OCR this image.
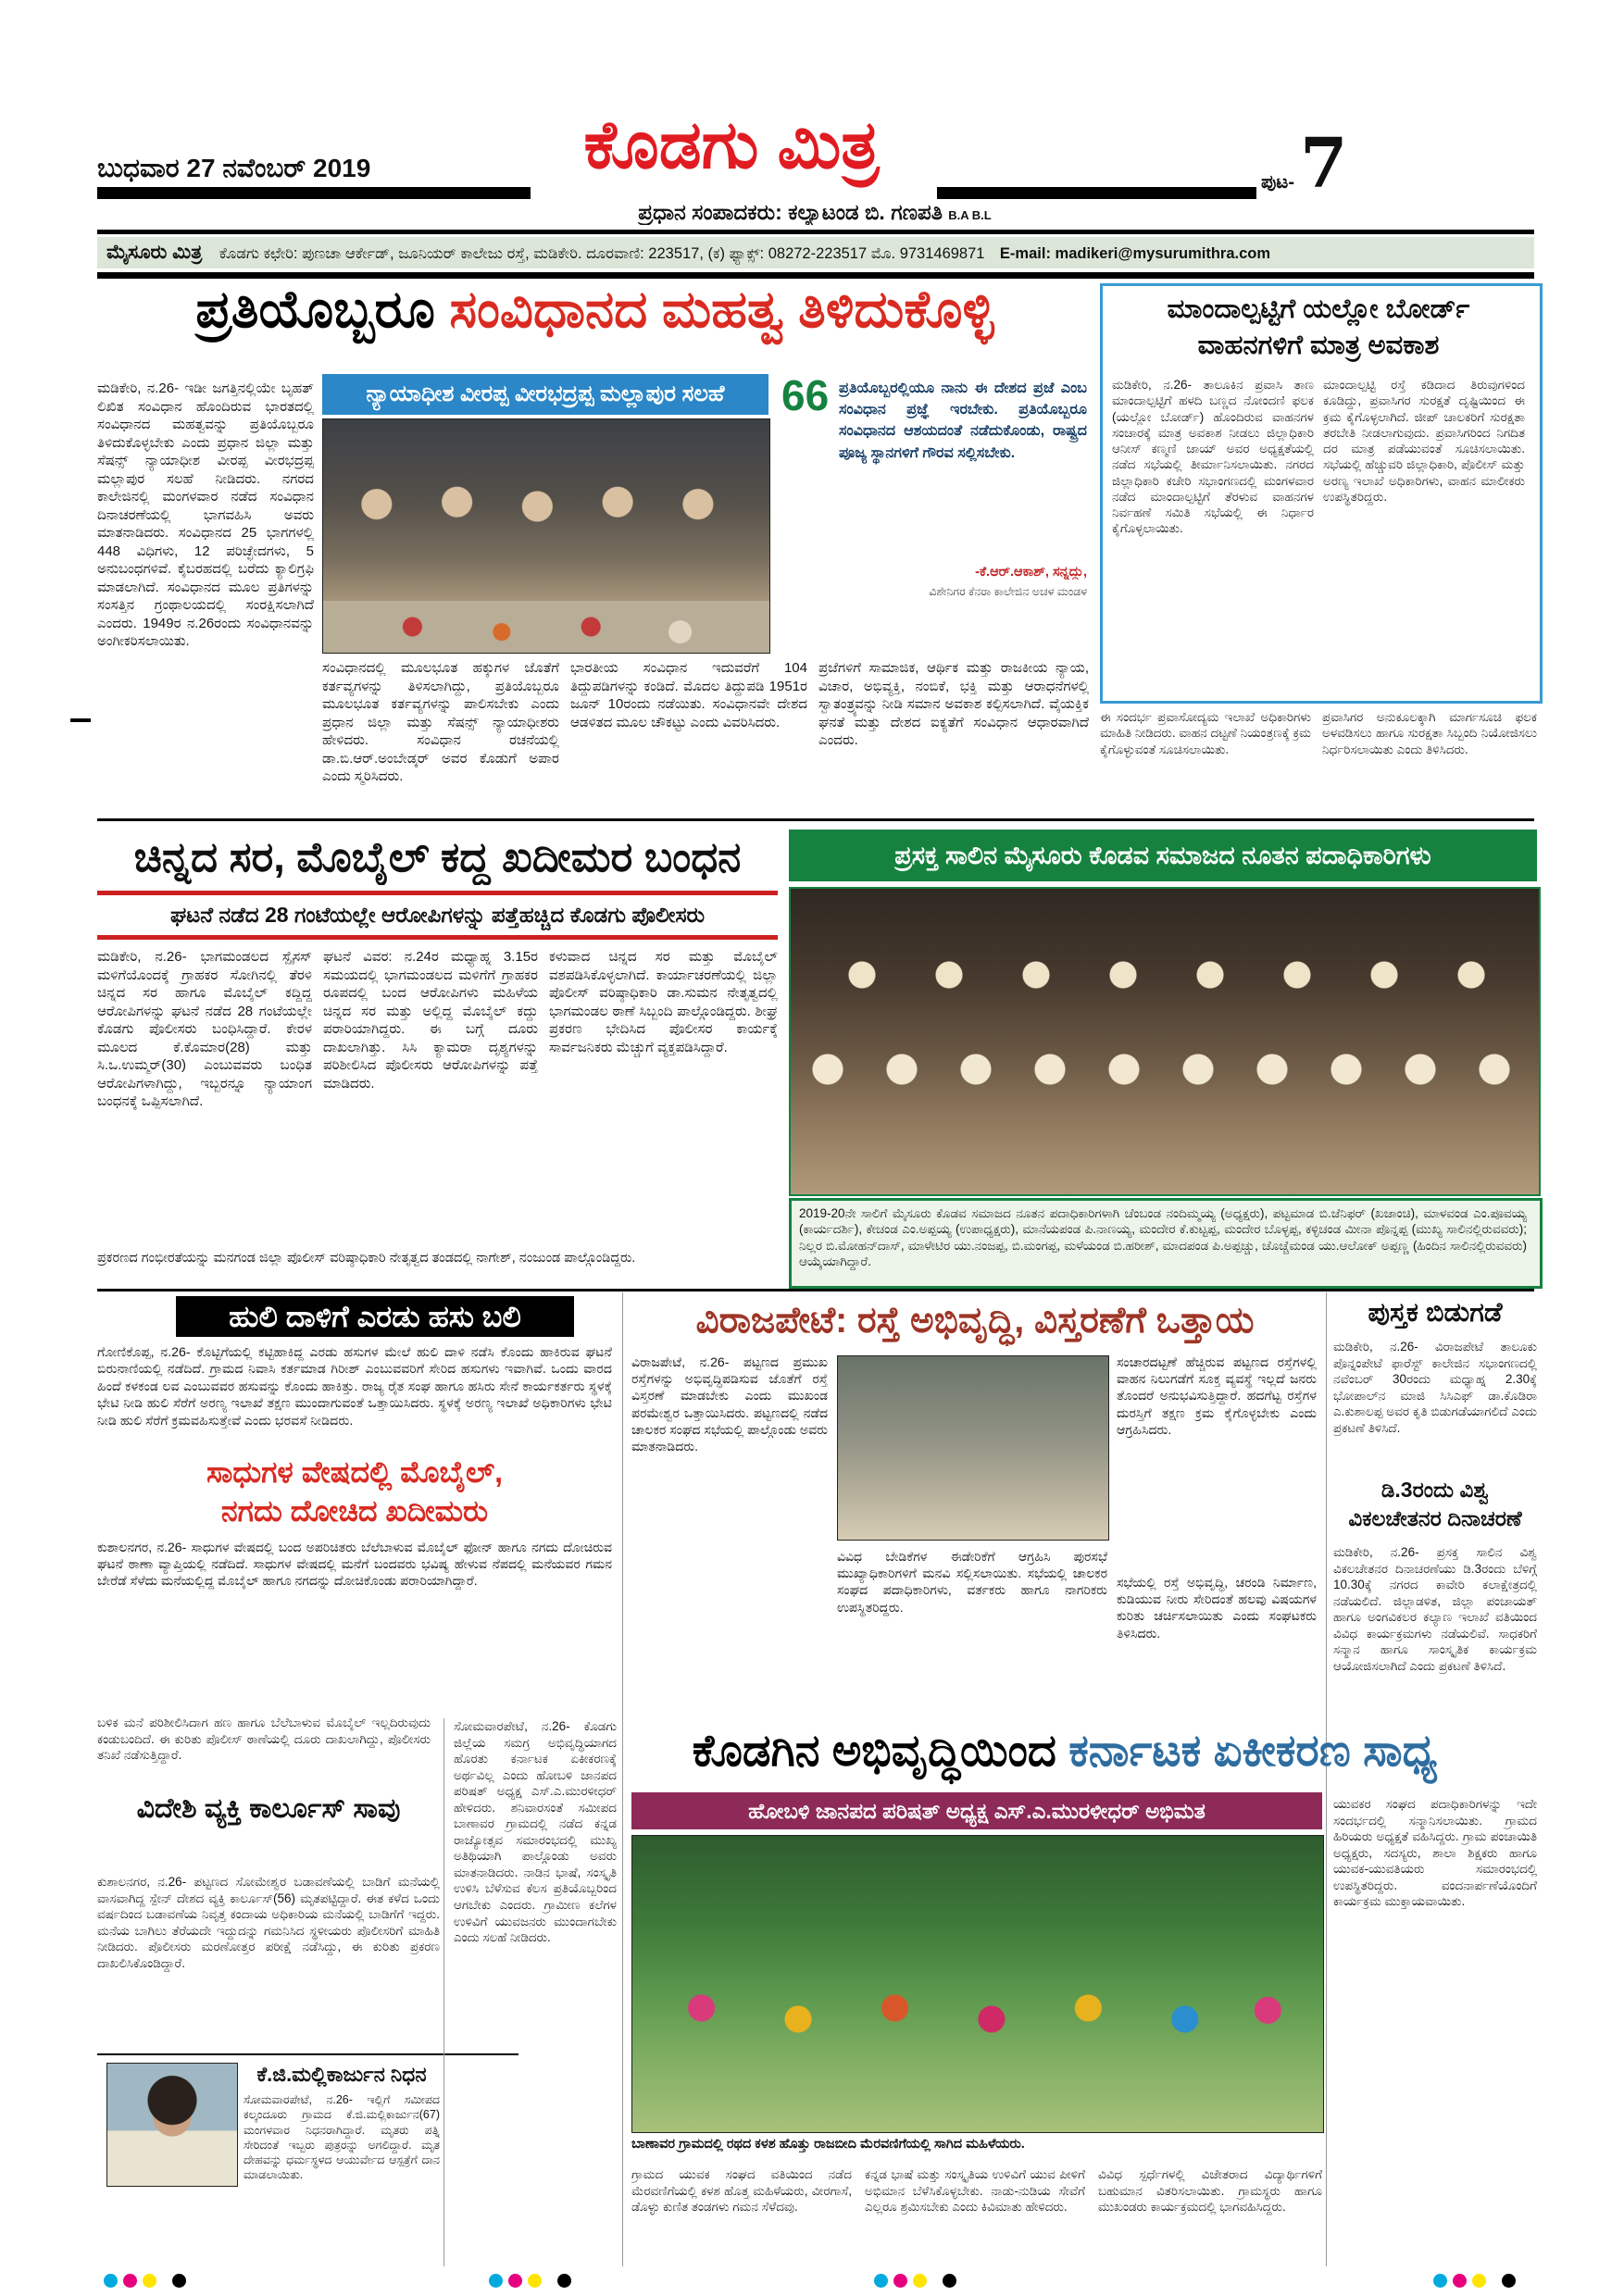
ಬುಧವಾರ 27 ನವೆಂಬರ್ 2019	ಕೊಡಗು ಮಿತ್ರ	ಪುಟ- 7
ಪ್ರಧಾನ ಸಂಪಾದಕರು: ಕಲ್ಯಾಟಂಡ ಬಿ. ಗಣಪತಿ B.A B.L
ಮೈಸೂರು ಮಿತ್ರ ಕೊಡಗು ಕಛೇರಿ: ಪುಣಚಾ ಆರ್ಕೇಡ್, ಜೂನಿಯರ್ ಕಾಲೇಜು ರಸ್ತೆ, ಮಡಿಕೇರಿ. ದೂರವಾಣಿ: 223517, (ಕ) ಫ್ಯಾಕ್ಸ್: 08272-223517 ಮೊ. 9731469871 E-mail: madikeri@mysurumithra.com
ಪ್ರತಿಯೊಬ್ಬರೂ ಸಂವಿಧಾನದ ಮಹತ್ವ ತಿಳಿದುಕೊಳ್ಳಿ
ಮಡಿಕೇರಿ, ನ.26- ಇಡೀ ಜಗತ್ತಿನಲ್ಲಿಯೇ ಬೃಹತ್ ಲಿಖಿತ ಸಂವಿಧಾನ ಹೊಂದಿರುವ ಭಾರತದಲ್ಲಿ ಸಂವಿಧಾನದ ಮಹತ್ವವನ್ನು ಪ್ರತಿಯೊಬ್ಬರೂ ತಿಳಿದುಕೊಳ್ಳಬೇಕು ಎಂದು ಪ್ರಧಾನ ಜಿಲ್ಲಾ ಮತ್ತು ಸೆಷನ್ಸ್ ನ್ಯಾಯಾಧೀಶ ವೀರಪ್ಪ ವೀರಭದ್ರಪ್ಪ ಮಲ್ಲಾಪುರ ಸಲಹೆ ನೀಡಿದರು. ನಗರದ ಕಾಲೇಜಿನಲ್ಲಿ ಮಂಗಳವಾರ ನಡೆದ ಸಂವಿಧಾನ ದಿನಾಚರಣೆಯಲ್ಲಿ ಭಾಗವಹಿಸಿ ಅವರು ಮಾತನಾಡಿದರು. ಸಂವಿಧಾನದ 25 ಭಾಗಗಳಲ್ಲಿ 448 ವಿಧಿಗಳು, 12 ಪರಿಚ್ಛೇದಗಳು, 5 ಅನುಬಂಧಗಳಿವೆ. ಕೈಬರಹದಲ್ಲಿ ಬರೆದು ಕ್ಯಾಲಿಗ್ರಫಿ ಮಾಡಲಾಗಿದೆ. ಸಂವಿಧಾನದ ಮೂಲ ಪ್ರತಿಗಳನ್ನು ಸಂಸತ್ತಿನ ಗ್ರಂಥಾಲಯದಲ್ಲಿ ಸಂರಕ್ಷಿಸಲಾಗಿದೆ ಎಂದರು. 1949ರ ನ.26ರಂದು ಸಂವಿಧಾನವನ್ನು ಅಂಗೀಕರಿಸಲಾಯಿತು.
ನ್ಯಾಯಾಧೀಶ ವೀರಪ್ಪ ವೀರಭದ್ರಪ್ಪ ಮಲ್ಲಾಪುರ ಸಲಹೆ	66 ಪ್ರತಿಯೊಬ್ಬರಲ್ಲಿಯೂ ನಾನು ಈ ದೇಶದ ಪ್ರಜೆ ಎಂಬ ಸಂವಿಧಾನ ಪ್ರಜ್ಞೆ ಇರಬೇಕು. ಪ್ರತಿಯೊಬ್ಬರೂ ಸಂವಿಧಾನದ ಆಶಯದಂತೆ ನಡೆದುಕೊಂಡು, ರಾಷ್ಟ್ರದ ಪೂಜ್ಯ ಸ್ಥಾನಗಳಿಗೆ ಗೌರವ ಸಲ್ಲಿಸಬೇಕು.
-ಕೆ.ಆರ್.ಆಕಾಶ್, ಸನ್ನದ್ದು,
ವಿಶೇನಿಗರ ಕೆನರಾ ಕಾಲೇಜಿನ ಅಚಳ ಮಂಡಳ
ಸಂವಿಧಾನದಲ್ಲಿ ಮೂಲಭೂತ ಹಕ್ಕುಗಳ ಜೊತೆಗೆ ಕರ್ತವ್ಯಗಳನ್ನು ತಿಳಿಸಲಾಗಿದ್ದು, ಪ್ರತಿಯೊಬ್ಬರೂ ಮೂಲಭೂತ ಕರ್ತವ್ಯಗಳನ್ನು ಪಾಲಿಸಬೇಕು ಎಂದು ಪ್ರಧಾನ ಜಿಲ್ಲಾ ಮತ್ತು ಸೆಷನ್ಸ್ ನ್ಯಾಯಾಧೀಶರು ಹೇಳಿದರು. ಸಂವಿಧಾನ ರಚನೆಯಲ್ಲಿ ಡಾ.ಬಿ.ಆರ್.ಅಂಬೇಡ್ಕರ್ ಅವರ ಕೊಡುಗೆ ಅಪಾರ ಎಂದು ಸ್ಮರಿಸಿದರು.
ಭಾರತೀಯ ಸಂವಿಧಾನ ಇದುವರೆಗೆ 104 ತಿದ್ದುಪಡಿಗಳನ್ನು ಕಂಡಿದೆ. ಮೊದಲ ತಿದ್ದುಪಡಿ 1951ರ ಜೂನ್ 10ರಂದು ನಡೆಯಿತು. ಸಂವಿಧಾನವೇ ದೇಶದ ಆಡಳಿತದ ಮೂಲ ಚೌಕಟ್ಟು ಎಂದು ವಿವರಿಸಿದರು.
ಪ್ರಜೆಗಳಿಗೆ ಸಾಮಾಜಿಕ, ಆರ್ಥಿಕ ಮತ್ತು ರಾಜಕೀಯ ನ್ಯಾಯ, ವಿಚಾರ, ಅಭಿವ್ಯಕ್ತಿ, ನಂಬಿಕೆ, ಭಕ್ತಿ ಮತ್ತು ಆರಾಧನೆಗಳಲ್ಲಿ ಸ್ವಾತಂತ್ರ್ಯವನ್ನು ನೀಡಿ ಸಮಾನ ಅವಕಾಶ ಕಲ್ಪಿಸಲಾಗಿದೆ. ವೈಯಕ್ತಿಕ ಘನತೆ ಮತ್ತು ದೇಶದ ಐಕ್ಯತೆಗೆ ಸಂವಿಧಾನ ಆಧಾರವಾಗಿದೆ ಎಂದರು.
ಮಾಂದಾಲ್ಪಟ್ಟಿಗೆ ಯಲ್ಲೋ ಬೋರ್ಡ್
ವಾಹನಗಳಿಗೆ ಮಾತ್ರ ಅವಕಾಶ
ಮಡಿಕೇರಿ, ನ.26- ತಾಲೂಕಿನ ಪ್ರವಾಸಿ ತಾಣ ಮಾಂದಾಲ್ಪಟ್ಟಿಗೆ ಹಳದಿ ಬಣ್ಣದ ನೋಂದಣಿ ಫಲಕ (ಯಲ್ಲೋ ಬೋರ್ಡ್) ಹೊಂದಿರುವ ವಾಹನಗಳ ಸಂಚಾರಕ್ಕೆ ಮಾತ್ರ ಅವಕಾಶ ನೀಡಲು ಜಿಲ್ಲಾಧಿಕಾರಿ ಆನೀಸ್ ಕಣ್ಮಣಿ ಜಾಯ್ ಅವರ ಅಧ್ಯಕ್ಷತೆಯಲ್ಲಿ ನಡೆದ ಸಭೆಯಲ್ಲಿ ತೀರ್ಮಾನಿಸಲಾಯಿತು. ನಗರದ ಜಿಲ್ಲಾಧಿಕಾರಿ ಕಚೇರಿ ಸಭಾಂಗಣದಲ್ಲಿ ಮಂಗಳವಾರ ನಡೆದ ಮಾಂದಾಲ್ಪಟ್ಟಿಗೆ ತೆರಳುವ ವಾಹನಗಳ ನಿರ್ವಹಣೆ ಸಮಿತಿ ಸಭೆಯಲ್ಲಿ ಈ ನಿರ್ಧಾರ ಕೈಗೊಳ್ಳಲಾಯಿತು.
ಮಾಂದಾಲ್ಪಟ್ಟಿ ರಸ್ತೆ ಕಡಿದಾದ ತಿರುವುಗಳಿಂದ ಕೂಡಿದ್ದು, ಪ್ರವಾಸಿಗರ ಸುರಕ್ಷತೆ ದೃಷ್ಟಿಯಿಂದ ಈ ಕ್ರಮ ಕೈಗೊಳ್ಳಲಾಗಿದೆ. ಜೀಪ್ ಚಾಲಕರಿಗೆ ಸುರಕ್ಷತಾ ತರಬೇತಿ ನೀಡಲಾಗುವುದು. ಪ್ರವಾಸಿಗರಿಂದ ನಿಗದಿತ ದರ ಮಾತ್ರ ಪಡೆಯುವಂತೆ ಸೂಚಿಸಲಾಯಿತು. ಸಭೆಯಲ್ಲಿ ಹೆಚ್ಚುವರಿ ಜಿಲ್ಲಾಧಿಕಾರಿ, ಪೊಲೀಸ್ ಮತ್ತು ಅರಣ್ಯ ಇಲಾಖೆ ಅಧಿಕಾರಿಗಳು, ವಾಹನ ಮಾಲೀಕರು ಉಪಸ್ಥಿತರಿದ್ದರು.
ಈ ಸಂದರ್ಭ ಪ್ರವಾಸೋದ್ಯಮ ಇಲಾಖೆ ಅಧಿಕಾರಿಗಳು ಮಾಹಿತಿ ನೀಡಿದರು. ವಾಹನ ದಟ್ಟಣೆ ನಿಯಂತ್ರಣಕ್ಕೆ ಕ್ರಮ ಕೈಗೊಳ್ಳುವಂತೆ ಸೂಚಿಸಲಾಯಿತು.
ಪ್ರವಾಸಿಗರ ಅನುಕೂಲಕ್ಕಾಗಿ ಮಾರ್ಗಸೂಚಿ ಫಲಕ ಅಳವಡಿಸಲು ಹಾಗೂ ಸುರಕ್ಷತಾ ಸಿಬ್ಬಂದಿ ನಿಯೋಜಿಸಲು ನಿರ್ಧರಿಸಲಾಯಿತು ಎಂದು ತಿಳಿಸಿದರು.
ಚಿನ್ನದ ಸರ, ಮೊಬೈಲ್ ಕದ್ದ ಖದೀಮರ ಬಂಧನ
ಘಟನೆ ನಡೆದ 28 ಗಂಟೆಯಲ್ಲೇ ಆರೋಪಿಗಳನ್ನು ಪತ್ತೆಹಚ್ಚಿದ ಕೊಡಗು ಪೊಲೀಸರು
ಮಡಿಕೇರಿ, ನ.26- ಭಾಗಮಂಡಲದ ಸ್ಪೈಸಸ್ ಮಳಿಗೆಯೊಂದಕ್ಕೆ ಗ್ರಾಹಕರ ಸೋಗಿನಲ್ಲಿ ತೆರಳಿ ಚಿನ್ನದ ಸರ ಹಾಗೂ ಮೊಬೈಲ್ ಕದ್ದಿದ್ದ ಆರೋಪಿಗಳನ್ನು ಘಟನೆ ನಡೆದ 28 ಗಂಟೆಯಲ್ಲೇ ಕೊಡಗು ಪೊಲೀಸರು ಬಂಧಿಸಿದ್ದಾರೆ. ಕೇರಳ ಮೂಲದ ಕೆ.ಕೊಮಾರ(28) ಮತ್ತು ಸಿ.ಒ.ಉಮ್ಮರ್(30) ಎಂಬುವವರು ಬಂಧಿತ ಆರೋಪಿಗಳಾಗಿದ್ದು, ಇಬ್ಬರನ್ನೂ ನ್ಯಾಯಾಂಗ ಬಂಧನಕ್ಕೆ ಒಪ್ಪಿಸಲಾಗಿದೆ.
ಘಟನೆ ವಿವರ: ನ.24ರ ಮಧ್ಯಾಹ್ನ 3.15ರ ಸಮಯದಲ್ಲಿ ಭಾಗಮಂಡಲದ ಮಳಿಗೆಗೆ ಗ್ರಾಹಕರ ರೂಪದಲ್ಲಿ ಬಂದ ಆರೋಪಿಗಳು ಮಹಿಳೆಯ ಚಿನ್ನದ ಸರ ಮತ್ತು ಅಲ್ಲಿದ್ದ ಮೊಬೈಲ್ ಕದ್ದು ಪರಾರಿಯಾಗಿದ್ದರು. ಈ ಬಗ್ಗೆ ದೂರು ದಾಖಲಾಗಿತ್ತು. ಸಿಸಿ ಕ್ಯಾಮರಾ ದೃಶ್ಯಗಳನ್ನು ಪರಿಶೀಲಿಸಿದ ಪೊಲೀಸರು ಆರೋಪಿಗಳನ್ನು ಪತ್ತೆ ಮಾಡಿದರು.
ಕಳುವಾದ ಚಿನ್ನದ ಸರ ಮತ್ತು ಮೊಬೈಲ್ ವಶಪಡಿಸಿಕೊಳ್ಳಲಾಗಿದೆ. ಕಾರ್ಯಾಚರಣೆಯಲ್ಲಿ ಜಿಲ್ಲಾ ಪೊಲೀಸ್ ವರಿಷ್ಠಾಧಿಕಾರಿ ಡಾ.ಸುಮನ ನೇತೃತ್ವದಲ್ಲಿ ಭಾಗಮಂಡಲ ಠಾಣೆ ಸಿಬ್ಬಂದಿ ಪಾಲ್ಗೊಂಡಿದ್ದರು. ಶೀಘ್ರ ಪ್ರಕರಣ ಭೇದಿಸಿದ ಪೊಲೀಸರ ಕಾರ್ಯಕ್ಕೆ ಸಾರ್ವಜನಿಕರು ಮೆಚ್ಚುಗೆ ವ್ಯಕ್ತಪಡಿಸಿದ್ದಾರೆ.
ಪ್ರಕರಣದ ಗಂಭೀರತೆಯನ್ನು ಮನಗಂಡ ಜಿಲ್ಲಾ ಪೊಲೀಸ್ ವರಿಷ್ಠಾಧಿಕಾರಿ ನೇತೃತ್ವದ ತಂಡದಲ್ಲಿ ನಾಗೇಶ್, ನಂಜುಂಡ ಪಾಲ್ಗೊಂಡಿದ್ದರು.
ಪ್ರಸಕ್ತ ಸಾಲಿನ ಮೈಸೂರು ಕೊಡವ ಸಮಾಜದ ನೂತನ ಪದಾಧಿಕಾರಿಗಳು
2019-20ನೇ ಸಾಲಿಗೆ ಮೈಸೂರು ಕೊಡವ ಸಮಾಜದ ನೂತನ ಪದಾಧಿಕಾರಿಗಳಾಗಿ ಚೆಂಬಂಡ ನಂದಿಮ್ಮಯ್ಯ (ಅಧ್ಯಕ್ಷರು), ಪಟ್ಟಮಾಡ ಬಿ.ಜೆನಿಫರ್ (ಖಜಾಂಚಿ), ಮಾಳವಂಡ ಎಂ.ಪೂವಯ್ಯ (ಕಾರ್ಯದರ್ಶಿ), ಕೇಚಂಡ ಎಂ.ಅಪ್ಪಯ್ಯ (ಉಪಾಧ್ಯಕ್ಷರು), ಮಾನೆಯಪಂಡ ಪಿ.ನಾಣಯ್ಯ, ಮಂದೇರ ಕೆ.ಕುಟ್ಟಪ್ಪ, ಮಂದೇರ ಬೊಳ್ಳಪ್ಪ, ಕಳ್ಳಿಚಂಡ ಮೀನಾ ಪೊನ್ನಪ್ಪ (ಮುಖ್ಯ ಸಾಲಿನಲ್ಲಿರುವವರು); ನಿಲ್ಲರ ಬಿ.ಮೋಹನ್‌ದಾಸ್, ಮಾಳೇಟಿರ ಯು.ನಂಜಪ್ಪ, ಬಿ.ಮಂಗಪ್ಪ, ಮಳೆಯಂಡ ಬಿ.ಹರೀಶ್, ಮಾದಪಂಡ ಪಿ.ಅಪ್ಪಚ್ಚು, ಚೊಚ್ಚೆಮಂಡ ಯು.ಆಲೋಕ್ ಅಪ್ಪಣ್ಣ (ಹಿಂದಿನ ಸಾಲಿನಲ್ಲಿರುವವರು) ಆಯ್ಕೆಯಾಗಿದ್ದಾರೆ.
ಹುಲಿ ದಾಳಿಗೆ ಎರಡು ಹಸು ಬಲಿ
ಗೋಣಿಕೊಪ್ಪ, ನ.26- ಕೊಟ್ಟಿಗೆಯಲ್ಲಿ ಕಟ್ಟಿಹಾಕಿದ್ದ ಎರಡು ಹಸುಗಳ ಮೇಲೆ ಹುಲಿ ದಾಳಿ ನಡೆಸಿ ಕೊಂದು ಹಾಕಿರುವ ಘಟನೆ ಬಿರುನಾಣಿಯಲ್ಲಿ ನಡೆದಿದೆ. ಗ್ರಾಮದ ನಿವಾಸಿ ಕರ್ತಮಾಡ ಗಿರೀಶ್ ಎಂಬುವವರಿಗೆ ಸೇರಿದ ಹಸುಗಳು ಇವಾಗಿವೆ. ಒಂದು ವಾರದ ಹಿಂದೆ ಕಳಕಂಡ ಲವ ಎಂಬುವವರ ಹಸುವನ್ನು ಕೊಂದು ಹಾಕಿತ್ತು. ರಾಜ್ಯ ರೈತ ಸಂಘ ಹಾಗೂ ಹಸಿರು ಸೇನೆ ಕಾರ್ಯಕರ್ತರು ಸ್ಥಳಕ್ಕೆ ಭೇಟಿ ನೀಡಿ ಹುಲಿ ಸೆರೆಗೆ ಅರಣ್ಯ ಇಲಾಖೆ ತಕ್ಷಣ ಮುಂದಾಗುವಂತೆ ಒತ್ತಾಯಿಸಿದರು. ಸ್ಥಳಕ್ಕೆ ಅರಣ್ಯ ಇಲಾಖೆ ಅಧಿಕಾರಿಗಳು ಭೇಟಿ ನೀಡಿ ಹುಲಿ ಸೆರೆಗೆ ಕ್ರಮವಹಿಸುತ್ತೇವೆ ಎಂದು ಭರವಸೆ ನೀಡಿದರು.
ಸಾಧುಗಳ ವೇಷದಲ್ಲಿ ಮೊಬೈಲ್,
ನಗದು ದೋಚಿದ ಖದೀಮರು
ಕುಶಾಲನಗರ, ನ.26- ಸಾಧುಗಳ ವೇಷದಲ್ಲಿ ಬಂದ ಅಪರಿಚಿತರು ಬೆಲೆಬಾಳುವ ಮೊಬೈಲ್ ಫೋನ್ ಹಾಗೂ ನಗದು ದೋಚಿರುವ ಘಟನೆ ಠಾಣಾ ವ್ಯಾಪ್ತಿಯಲ್ಲಿ ನಡೆದಿದೆ. ಸಾಧುಗಳ ವೇಷದಲ್ಲಿ ಮನೆಗೆ ಬಂದವರು ಭವಿಷ್ಯ ಹೇಳುವ ನೆಪದಲ್ಲಿ ಮನೆಯವರ ಗಮನ ಬೇರೆಡೆ ಸೆಳೆದು ಮನೆಯಲ್ಲಿದ್ದ ಮೊಬೈಲ್ ಹಾಗೂ ನಗದನ್ನು ದೋಚಿಕೊಂಡು ಪರಾರಿಯಾಗಿದ್ದಾರೆ.
ಬಳಿಕ ಮನೆ ಪರಿಶೀಲಿಸಿದಾಗ ಹಣ ಹಾಗೂ ಬೆಲೆಬಾಳುವ ಮೊಬೈಲ್ ಇಲ್ಲದಿರುವುದು ಕಂಡುಬಂದಿದೆ. ಈ ಕುರಿತು ಪೊಲೀಸ್ ಠಾಣೆಯಲ್ಲಿ ದೂರು ದಾಖಲಾಗಿದ್ದು, ಪೊಲೀಸರು ತನಿಖೆ ನಡೆಸುತ್ತಿದ್ದಾರೆ.
ವಿದೇಶಿ ವ್ಯಕ್ತಿ ಕಾರ್ಲೂಸ್ ಸಾವು
ಕುಶಾಲನಗರ, ನ.26- ಪಟ್ಟಣದ ಸೋಮೇಶ್ವರ ಬಡಾವಣೆಯಲ್ಲಿ ಬಾಡಿಗೆ ಮನೆಯಲ್ಲಿ ವಾಸವಾಗಿದ್ದ ಸ್ಪೇನ್ ದೇಶದ ವ್ಯಕ್ತಿ ಕಾರ್ಲೂಸ್(56) ಮೃತಪಟ್ಟಿದ್ದಾರೆ. ಈತ ಕಳೆದ ಒಂದು ವರ್ಷದಿಂದ ಬಡಾವಣೆಯ ನಿವೃತ್ತ ಕಂದಾಯ ಅಧಿಕಾರಿಯ ಮನೆಯಲ್ಲಿ ಬಾಡಿಗೆಗೆ ಇದ್ದರು. ಮನೆಯ ಬಾಗಿಲು ತೆರೆಯದೇ ಇದ್ದುದನ್ನು ಗಮನಿಸಿದ ಸ್ಥಳೀಯರು ಪೊಲೀಸರಿಗೆ ಮಾಹಿತಿ ನೀಡಿದರು. ಪೊಲೀಸರು ಮರಣೋತ್ತರ ಪರೀಕ್ಷೆ ನಡೆಸಿದ್ದು, ಈ ಕುರಿತು ಪ್ರಕರಣ ದಾಖಲಿಸಿಕೊಂಡಿದ್ದಾರೆ.
ಕೆ.ಜಿ.ಮಲ್ಲಿಕಾರ್ಜುನ ನಿಧನ
ಸೋಮವಾರಪೇಟೆ, ನ.26- ಇಲ್ಲಿಗೆ ಸಮೀಪದ ಕಲ್ಕಂದೂರು ಗ್ರಾಮದ ಕೆ.ಜಿ.ಮಲ್ಲಿಕಾರ್ಜುನ(67) ಮಂಗಳವಾರ ನಿಧನರಾಗಿದ್ದಾರೆ. ಮೃತರು ಪತ್ನಿ ಸೇರಿದಂತೆ ಇಬ್ಬರು ಪುತ್ರರನ್ನು ಅಗಲಿದ್ದಾರೆ. ಮೃತ ದೇಹವನ್ನು ಧರ್ಮಸ್ಥಳದ ಆಯುರ್ವೇದ ಆಸ್ಪತ್ರೆಗೆ ದಾನ ಮಾಡಲಾಯಿತು.
ವಿರಾಜಪೇಟೆ: ರಸ್ತೆ ಅಭಿವೃದ್ಧಿ, ವಿಸ್ತರಣೆಗೆ ಒತ್ತಾಯ
ವಿರಾಜಪೇಟೆ, ನ.26- ಪಟ್ಟಣದ ಪ್ರಮುಖ ರಸ್ತೆಗಳನ್ನು ಅಭಿವೃದ್ಧಿಪಡಿಸುವ ಜೊತೆಗೆ ರಸ್ತೆ ವಿಸ್ತರಣೆ ಮಾಡಬೇಕು ಎಂದು ಮುಖಂಡ ಪರಮೇಶ್ವರ ಒತ್ತಾಯಿಸಿದರು. ಪಟ್ಟಣದಲ್ಲಿ ನಡೆದ ಚಾಲಕರ ಸಂಘದ ಸಭೆಯಲ್ಲಿ ಪಾಲ್ಗೊಂಡು ಅವರು ಮಾತನಾಡಿದರು.
ವಿವಿಧ ಬೇಡಿಕೆಗಳ ಈಡೇರಿಕೆಗೆ ಆಗ್ರಹಿಸಿ ಪುರಸಭೆ ಮುಖ್ಯಾಧಿಕಾರಿಗಳಿಗೆ ಮನವಿ ಸಲ್ಲಿಸಲಾಯಿತು. ಸಭೆಯಲ್ಲಿ ಚಾಲಕರ ಸಂಘದ ಪದಾಧಿಕಾರಿಗಳು, ವರ್ತಕರು ಹಾಗೂ ನಾಗರಿಕರು ಉಪಸ್ಥಿತರಿದ್ದರು.
ಸಂಚಾರದಟ್ಟಣೆ ಹೆಚ್ಚಿರುವ ಪಟ್ಟಣದ ರಸ್ತೆಗಳಲ್ಲಿ ವಾಹನ ನಿಲುಗಡೆಗೆ ಸೂಕ್ತ ವ್ಯವಸ್ಥೆ ಇಲ್ಲದೆ ಜನರು ತೊಂದರೆ ಅನುಭವಿಸುತ್ತಿದ್ದಾರೆ. ಹದಗೆಟ್ಟ ರಸ್ತೆಗಳ ದುರಸ್ತಿಗೆ ತಕ್ಷಣ ಕ್ರಮ ಕೈಗೊಳ್ಳಬೇಕು ಎಂದು ಆಗ್ರಹಿಸಿದರು.
ಸಭೆಯಲ್ಲಿ ರಸ್ತೆ ಅಭಿವೃದ್ಧಿ, ಚರಂಡಿ ನಿರ್ಮಾಣ, ಕುಡಿಯುವ ನೀರು ಸೇರಿದಂತೆ ಹಲವು ವಿಷಯಗಳ ಕುರಿತು ಚರ್ಚಿಸಲಾಯಿತು ಎಂದು ಸಂಘಟಕರು ತಿಳಿಸಿದರು.
ಪುಸ್ತಕ ಬಿಡುಗಡೆ
ಮಡಿಕೇರಿ, ನ.26- ವಿರಾಜಪೇಟೆ ತಾಲೂಕು ಪೊನ್ನಂಪೇಟೆ ಫಾರೆಸ್ಟ್ ಕಾಲೇಜಿನ ಸಭಾಂಗಣದಲ್ಲಿ ನವೆಂಬರ್ 30ರಂದು ಮಧ್ಯಾಹ್ನ 2.30ಕ್ಕೆ ಭೋಪಾಲ್‌ನ ಮಾಜಿ ಸಿಸಿಎಫ್ ಡಾ.ಕೊಡಿರಾ ಎ.ಕುಶಾಲಪ್ಪ ಅವರ ಕೃತಿ ಬಿಡುಗಡೆಯಾಗಲಿದೆ ಎಂದು ಪ್ರಕಟಣೆ ತಿಳಿಸಿದೆ.
ಡಿ.3ರಂದು ವಿಶ್ವ
ವಿಕಲಚೇತನರ ದಿನಾಚರಣೆ
ಮಡಿಕೇರಿ, ನ.26- ಪ್ರಸಕ್ತ ಸಾಲಿನ ವಿಶ್ವ ವಿಕಲಚೇತನರ ದಿನಾಚರಣೆಯು ಡಿ.3ರಂದು ಬೆಳಿಗ್ಗೆ 10.30ಕ್ಕೆ ನಗರದ ಕಾವೇರಿ ಕಲಾಕ್ಷೇತ್ರದಲ್ಲಿ ನಡೆಯಲಿದೆ. ಜಿಲ್ಲಾಡಳಿತ, ಜಿಲ್ಲಾ ಪಂಚಾಯತ್ ಹಾಗೂ ಅಂಗವಿಕಲರ ಕಲ್ಯಾಣ ಇಲಾಖೆ ವತಿಯಿಂದ ವಿವಿಧ ಕಾರ್ಯಕ್ರಮಗಳು ನಡೆಯಲಿವೆ. ಸಾಧಕರಿಗೆ ಸನ್ಮಾನ ಹಾಗೂ ಸಾಂಸ್ಕೃತಿಕ ಕಾರ್ಯಕ್ರಮ ಆಯೋಜಿಸಲಾಗಿದೆ ಎಂದು ಪ್ರಕಟಣೆ ತಿಳಿಸಿದೆ.
ಕೊಡಗಿನ ಅಭಿವೃದ್ಧಿಯಿಂದ ಕರ್ನಾಟಕ ಏಕೀಕರಣ ಸಾಧ್ಯ
ಸೋಮವಾರಪೇಟೆ, ನ.26- ಕೊಡಗು ಜಿಲ್ಲೆಯ ಸಮಗ್ರ ಅಭಿವೃದ್ಧಿಯಾಗದ ಹೊರತು ಕರ್ನಾಟಕ ಏಕೀಕರಣಕ್ಕೆ ಅರ್ಥವಿಲ್ಲ ಎಂದು ಹೋಬಳಿ ಜಾನಪದ ಪರಿಷತ್ ಅಧ್ಯಕ್ಷ ಎಸ್.ಎ.ಮುರಳೀಧರ್ ಹೇಳಿದರು. ಶನಿವಾರಸಂತೆ ಸಮೀಪದ ಬಾಣಾವರ ಗ್ರಾಮದಲ್ಲಿ ನಡೆದ ಕನ್ನಡ ರಾಜ್ಯೋತ್ಸವ ಸಮಾರಂಭದಲ್ಲಿ ಮುಖ್ಯ ಅತಿಥಿಯಾಗಿ ಪಾಲ್ಗೊಂಡು ಅವರು ಮಾತನಾಡಿದರು. ನಾಡಿನ ಭಾಷೆ, ಸಂಸ್ಕೃತಿ ಉಳಿಸಿ ಬೆಳೆಸುವ ಕೆಲಸ ಪ್ರತಿಯೊಬ್ಬರಿಂದ ಆಗಬೇಕು ಎಂದರು. ಗ್ರಾಮೀಣ ಕಲೆಗಳ ಉಳಿವಿಗೆ ಯುವಜನರು ಮುಂದಾಗಬೇಕು ಎಂದು ಸಲಹೆ ನೀಡಿದರು.
ಹೋಬಳಿ ಜಾನಪದ ಪರಿಷತ್ ಅಧ್ಯಕ್ಷ ಎಸ್.ಎ.ಮುರಳೀಧರ್ ಅಭಿಮತ
ಬಾಣಾವರ ಗ್ರಾಮದಲ್ಲಿ ರಥದ ಕಳಶ ಹೊತ್ತು ರಾಜಬೀದಿ ಮೆರವಣಿಗೆಯಲ್ಲಿ ಸಾಗಿದ ಮಹಿಳೆಯರು.
ಗ್ರಾಮದ ಯುವಕ ಸಂಘದ ವತಿಯಿಂದ ನಡೆದ ಮೆರವಣಿಗೆಯಲ್ಲಿ ಕಳಶ ಹೊತ್ತ ಮಹಿಳೆಯರು, ವೀರಗಾಸೆ, ಡೊಳ್ಳು ಕುಣಿತ ತಂಡಗಳು ಗಮನ ಸೆಳೆದವು.
ಕನ್ನಡ ಭಾಷೆ ಮತ್ತು ಸಂಸ್ಕೃತಿಯ ಉಳಿವಿಗೆ ಯುವ ಪೀಳಿಗೆ ಅಭಿಮಾನ ಬೆಳೆಸಿಕೊಳ್ಳಬೇಕು. ನಾಡು-ನುಡಿಯ ಸೇವೆಗೆ ಎಲ್ಲರೂ ಶ್ರಮಿಸಬೇಕು ಎಂದು ಕಿವಿಮಾತು ಹೇಳಿದರು.
ವಿವಿಧ ಸ್ಪರ್ಧೆಗಳಲ್ಲಿ ವಿಜೇತರಾದ ವಿದ್ಯಾರ್ಥಿಗಳಿಗೆ ಬಹುಮಾನ ವಿತರಿಸಲಾಯಿತು. ಗ್ರಾಮಸ್ಥರು ಹಾಗೂ ಮುಖಂಡರು ಕಾರ್ಯಕ್ರಮದಲ್ಲಿ ಭಾಗವಹಿಸಿದ್ದರು.
ಯುವಕರ ಸಂಘದ ಪದಾಧಿಕಾರಿಗಳನ್ನು ಇದೇ ಸಂದರ್ಭದಲ್ಲಿ ಸನ್ಮಾನಿಸಲಾಯಿತು. ಗ್ರಾಮದ ಹಿರಿಯರು ಅಧ್ಯಕ್ಷತೆ ವಹಿಸಿದ್ದರು. ಗ್ರಾಮ ಪಂಚಾಯಿತಿ ಅಧ್ಯಕ್ಷರು, ಸದಸ್ಯರು, ಶಾಲಾ ಶಿಕ್ಷಕರು ಹಾಗೂ ಯುವಕ-ಯುವತಿಯರು ಸಮಾರಂಭದಲ್ಲಿ ಉಪಸ್ಥಿತರಿದ್ದರು. ವಂದನಾರ್ಪಣೆಯೊಂದಿಗೆ ಕಾರ್ಯಕ್ರಮ ಮುಕ್ತಾಯವಾಯಿತು.
